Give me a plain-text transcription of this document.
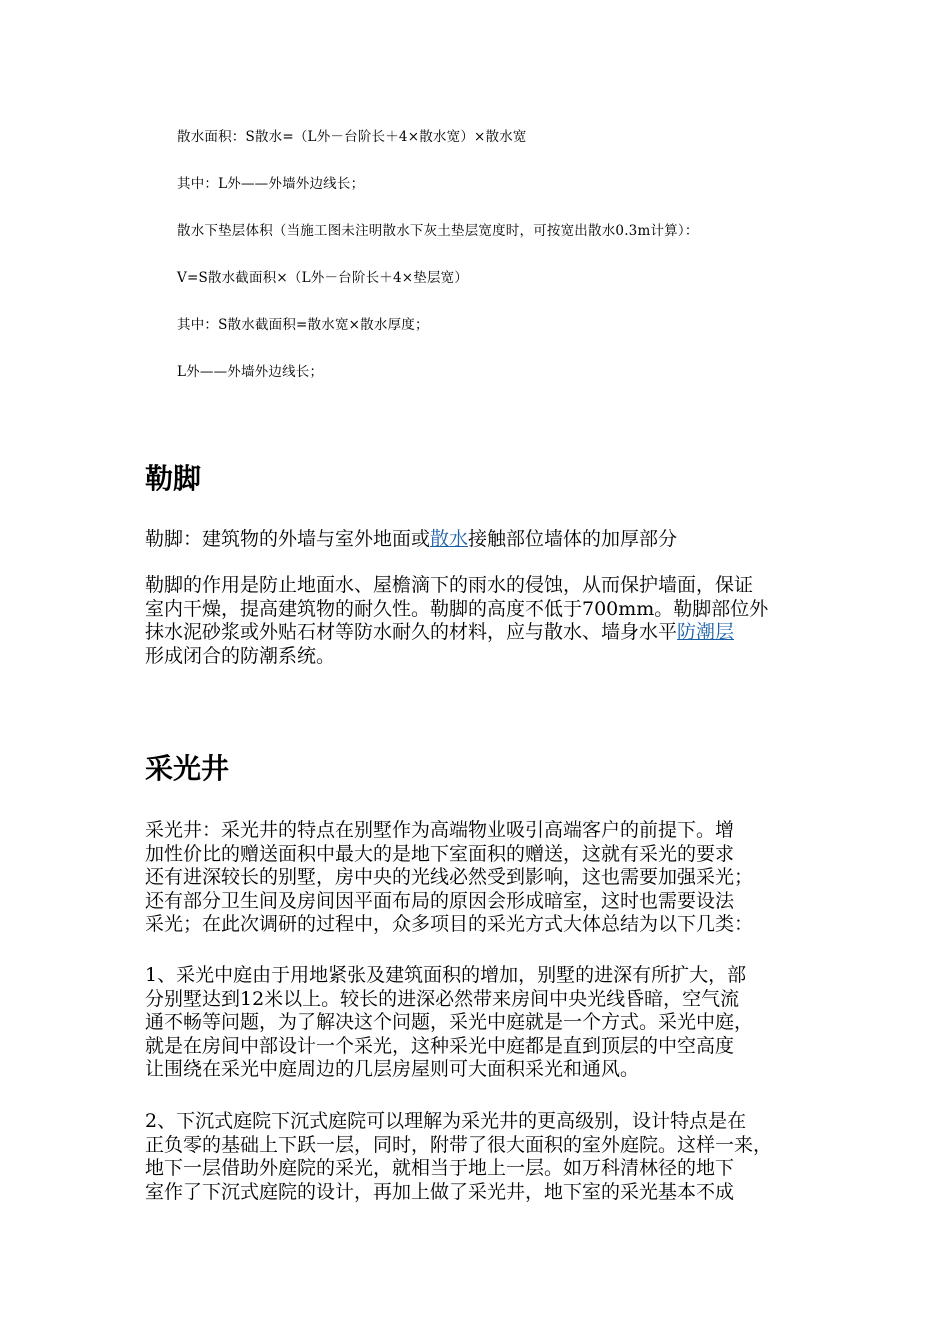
散水面积：S散水=（L外－台阶长＋4×散水宽）×散水宽
其中：L外——外墙外边线长；
散水下垫层体积（当施工图未注明散水下灰土垫层宽度时，可按宽出散水0.3m计算）：
V=S散水截面积×（L外－台阶长＋4×垫层宽）
其中：S散水截面积=散水宽×散水厚度；
L外——外墙外边线长；
勒脚

勒脚：建筑物的外墙与室外地面或散水接触部位墙体的加厚部分

勒脚的作用是防止地面水、屋檐滴下的雨水的侵蚀，从而保护墙面，保证
室内干燥，提高建筑物的耐久性。勒脚的高度不低于700mm。勒脚部位外
抹水泥砂浆或外贴石材等防水耐久的材料，应与散水、墙身水平防潮层
形成闭合的防潮系统。

采光井

采光井：采光井的特点在别墅作为高端物业吸引高端客户的前提下。增
加性价比的赠送面积中最大的是地下室面积的赠送，这就有采光的要求
还有进深较长的别墅，房中央的光线必然受到影响，这也需要加强采光；
还有部分卫生间及房间因平面布局的原因会形成暗室，这时也需要设法
采光；在此次调研的过程中，众多项目的采光方式大体总结为以下几类：

1、采光中庭由于用地紧张及建筑面积的增加，别墅的进深有所扩大，部
分别墅达到12米以上。较长的进深必然带来房间中央光线昏暗，空气流
通不畅等问题，为了解决这个问题，采光中庭就是一个方式。采光中庭，
就是在房间中部设计一个采光，这种采光中庭都是直到顶层的中空高度
让围绕在采光中庭周边的几层房屋则可大面积采光和通风。

2、下沉式庭院下沉式庭院可以理解为采光井的更高级别，设计特点是在
正负零的基础上下跃一层，同时，附带了很大面积的室外庭院。这样一来，
地下一层借助外庭院的采光，就相当于地上一层。如万科清林径的地下
室作了下沉式庭院的设计，再加上做了采光井，地下室的采光基本不成
